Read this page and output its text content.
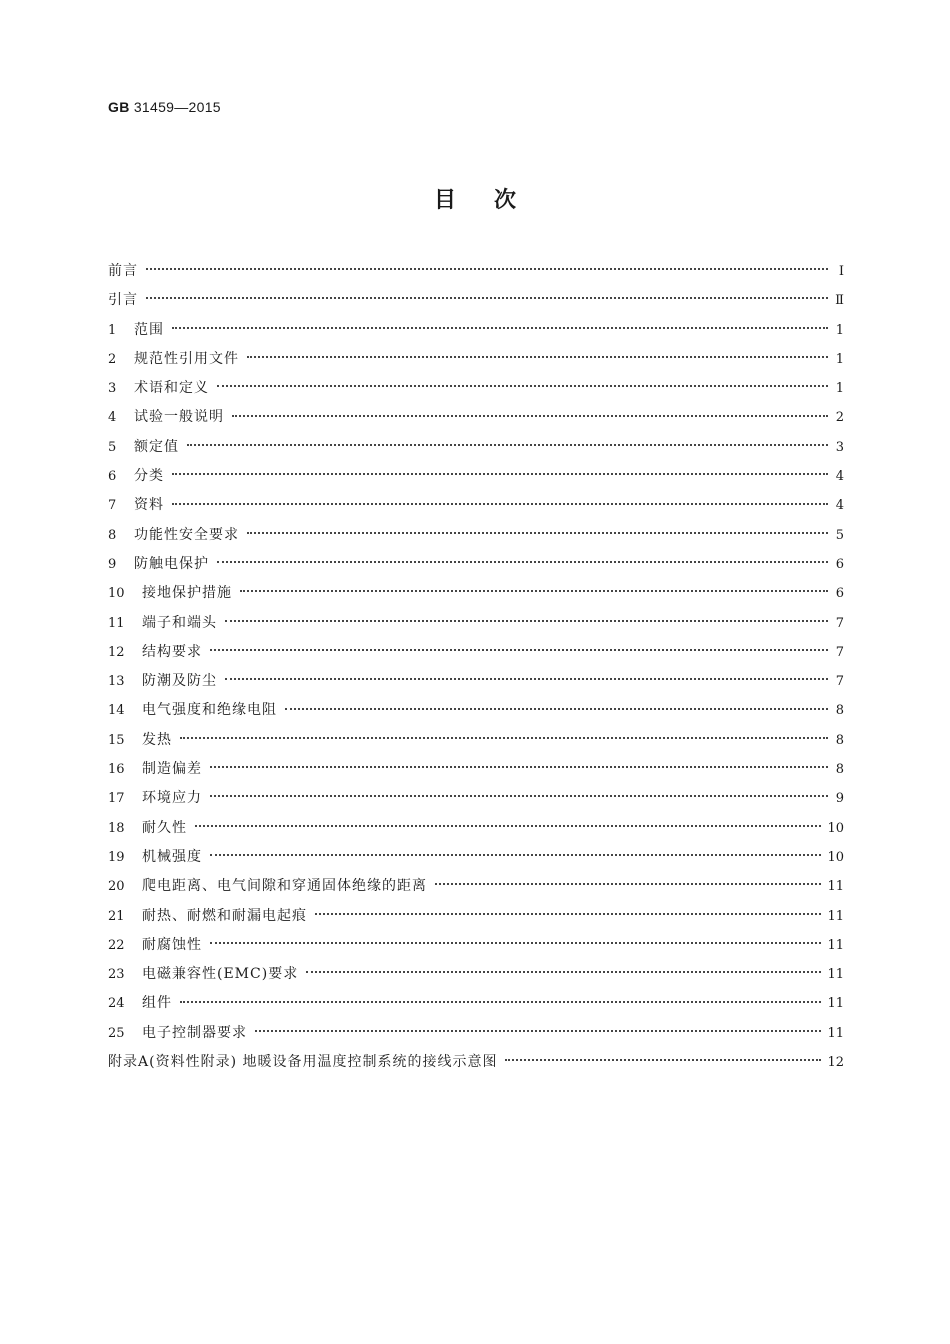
GB 31459—2015
目次
前言	Ⅰ
引言	Ⅱ
1	范围	1
2	规范性引用文件	1
3	术语和定义	1
4	试验一般说明	2
5	额定值	3
6	分类	4
7	资料	4
8	功能性安全要求	5
9	防触电保护	6
10	接地保护措施	6
11	端子和端头	7
12	结构要求	7
13	防潮及防尘	7
14	电气强度和绝缘电阻	8
15	发热	8
16	制造偏差	8
17	环境应力	9
18	耐久性	10
19	机械强度	10
20	爬电距离、电气间隙和穿通固体绝缘的距离	11
21	耐热、耐燃和耐漏电起痕	11
22	耐腐蚀性	11
23	电磁兼容性(EMC)要求	11
24	组件	11
25	电子控制器要求	11
附录A(资料性附录) 地暖设备用温度控制系统的接线示意图	12
